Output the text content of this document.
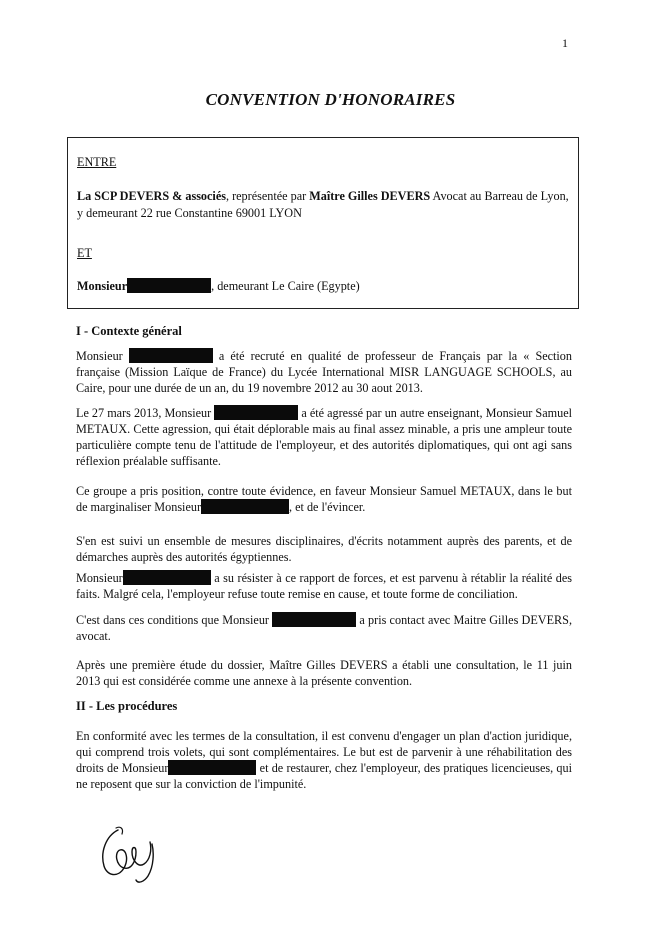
1
CONVENTION D'HONORAIRES
ENTRE
La SCP DEVERS & associés, représentée par Maître Gilles DEVERS Avocat au Barreau de Lyon,
y demeurant 22 rue Constantine 69001 LYON
ET
Monsieur	, demeurant Le Caire (Egypte)
I - Contexte général

Monsieur	a été recruté en qualité de professeur de Français par la « Section française (Mission Laïque de France) du Lycée International MISR LANGUAGE SCHOOLS, au Caire, pour une durée de un an, du 19 novembre 2012 au 30 aout 2013.

Le 27 mars 2013, Monsieur	a été agressé par un autre enseignant, Monsieur Samuel METAUX. Cette agression, qui était déplorable mais au final assez minable, a pris une ampleur toute particulière compte tenu de l'attitude de l'employeur, et des autorités diplomatiques, qui ont agi sans réflexion préalable suffisante.

Ce groupe a pris position, contre toute évidence, en faveur Monsieur Samuel METAUX, dans le but de marginaliser Monsieur	, et de l'évincer.

S'en est suivi un ensemble de mesures disciplinaires, d'écrits notamment auprès des parents, et de démarches auprès des autorités égyptiennes.

Monsieur	a su résister à ce rapport de forces, et est parvenu à rétablir la réalité des faits. Malgré cela, l'employeur refuse toute remise en cause, et toute forme de conciliation.

C'est dans ces conditions que Monsieur	a pris contact avec Maitre Gilles DEVERS, avocat.

Après une première étude du dossier, Maître Gilles DEVERS a établi une consultation, le 11 juin 2013 qui est considérée comme une annexe à la présente convention.

II - Les procédures

En conformité avec les termes de la consultation, il est convenu d'engager un plan d'action juridique, qui comprend trois volets, qui sont complémentaires. Le but est de parvenir à une réhabilitation des droits de Monsieur	et de restaurer, chez l'employeur, des pratiques licencieuses, qui ne reposent que sur la conviction de l'impunité.
